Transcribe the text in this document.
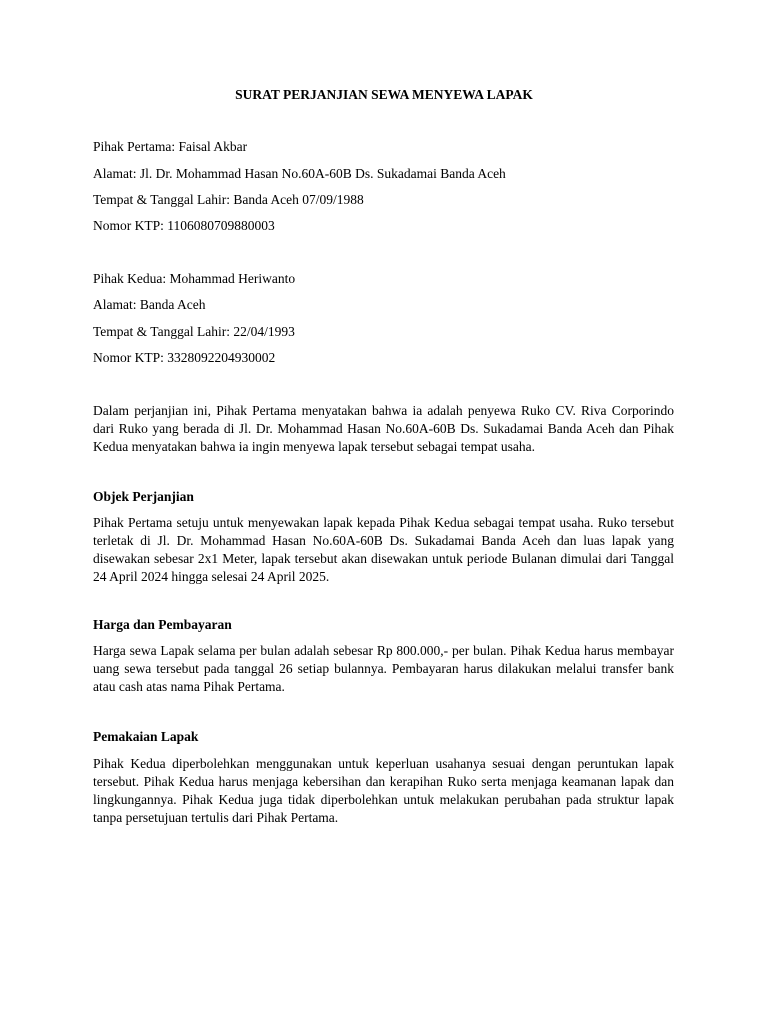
SURAT PERJANJIAN SEWA MENYEWA LAPAK
Pihak Pertama: Faisal Akbar
Alamat: Jl. Dr. Mohammad Hasan No.60A-60B Ds. Sukadamai Banda Aceh
Tempat & Tanggal Lahir: Banda Aceh 07/09/1988
Nomor KTP: 1106080709880003
Pihak Kedua: Mohammad Heriwanto
Alamat: Banda Aceh
Tempat & Tanggal Lahir: 22/04/1993
Nomor KTP: 3328092204930002
Dalam perjanjian ini, Pihak Pertama menyatakan bahwa ia adalah penyewa Ruko CV. Riva Corporindo dari Ruko yang berada di Jl. Dr. Mohammad Hasan No.60A-60B Ds. Sukadamai Banda Aceh dan Pihak Kedua menyatakan bahwa ia ingin menyewa lapak tersebut sebagai tempat usaha.
Objek Perjanjian
Pihak Pertama setuju untuk menyewakan lapak kepada Pihak Kedua sebagai tempat usaha. Ruko tersebut terletak di Jl. Dr. Mohammad Hasan No.60A-60B Ds. Sukadamai Banda Aceh dan luas lapak yang disewakan sebesar 2x1 Meter, lapak tersebut akan disewakan untuk periode Bulanan dimulai dari Tanggal 24 April 2024 hingga selesai 24 April 2025.
Harga dan Pembayaran
Harga sewa Lapak selama per bulan adalah sebesar Rp 800.000,- per bulan. Pihak Kedua harus membayar uang sewa tersebut pada tanggal 26 setiap bulannya. Pembayaran harus dilakukan melalui transfer bank atau cash atas nama Pihak Pertama.
Pemakaian Lapak
Pihak Kedua diperbolehkan menggunakan untuk keperluan usahanya sesuai dengan peruntukan lapak tersebut. Pihak Kedua harus menjaga kebersihan dan kerapihan Ruko serta menjaga keamanan lapak dan lingkungannya. Pihak Kedua juga tidak diperbolehkan untuk melakukan perubahan pada struktur lapak tanpa persetujuan tertulis dari Pihak Pertama.
